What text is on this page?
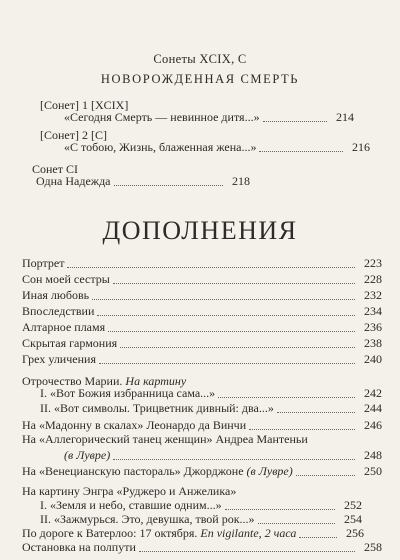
Сонеты XCIX, C
НОВОРОЖДЕННАЯ СМЕРТЬ
[Сонет] 1 [XCIX]
«Сегодня Смерть — невинное дитя...»	214
[Сонет] 2 [C]
«С тобою, Жизнь, блаженная жена...»	216
Сонет CI
Одна Надежда	218
ДОПОЛНЕНИЯ
Портрет	223
Сон моей сестры	228
Иная любовь	232
Впоследствии	234
Алтарное пламя	236
Скрытая гармония	238
Грех уличения	240
Отрочество Марии. На картину
I. «Вот Божия избранница сама...»	242
II. «Вот символы. Трицветник дивный: два...»	244
На «Мадонну в скалах» Леонардо да Винчи	246
На «Аллегорический танец женщин» Андреа Мантеньи
(в Лувре)	248
На «Венецианскую пастораль» Джорджоне (в Лувре)	250
На картину Энгра «Руджеро и Анжелика»
I. «Земля и небо, ставшие одним...»	252
II. «Зажмурься. Это, девушка, твой рок...»	254
По дороге к Ватерлоо: 17 октября. En vigilante, 2 часа	256
Остановка на полпути	258
